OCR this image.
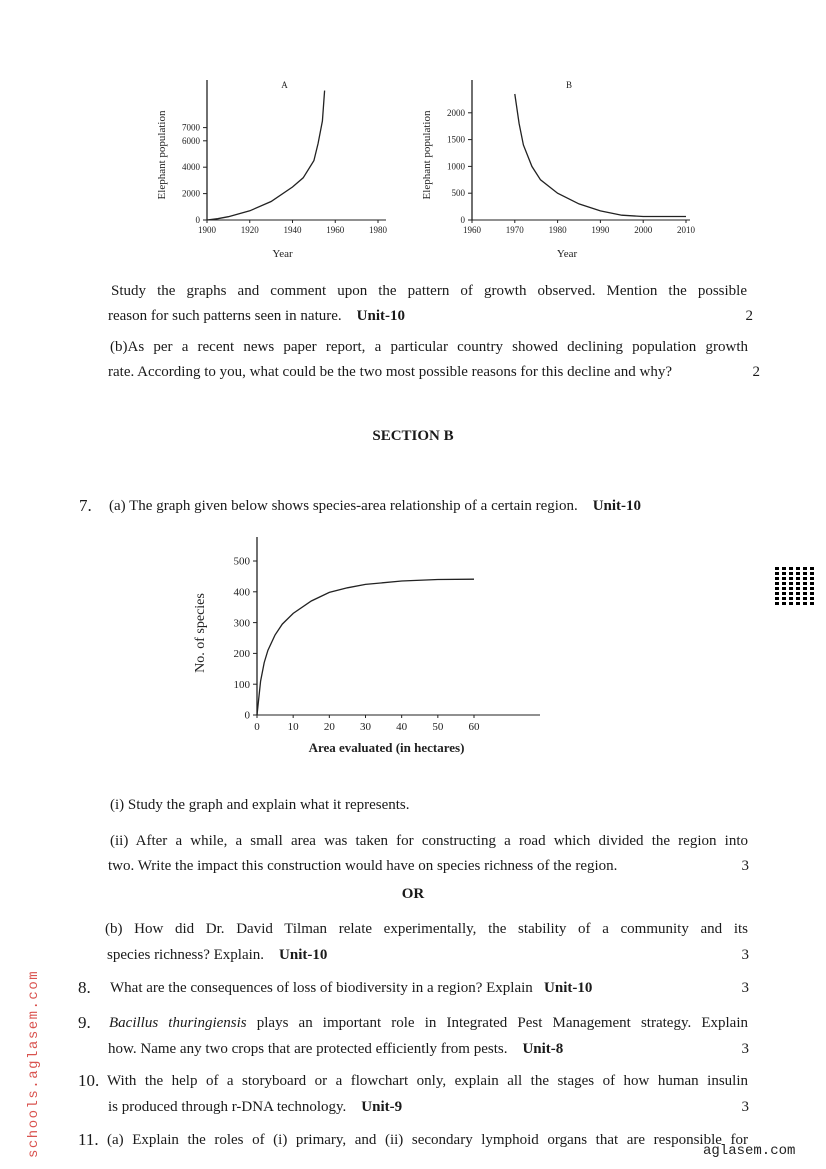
1900	1920	1940	1960	1980
0
2000
4000
6000
7000
A
Year
Elephant population
1960	1970	1980	1990	2000	2010
0
500
1000
1500
2000
B
Year
Elephant population
0	10 20 30 40 50 60
0
100
200
300
400
500
Area evaluated (in hectares)
No. of species
Study the graphs and comment upon the pattern of growth observed. Mention the possible
reason for such patterns seen in nature. Unit-10	2
(b)As per a recent news paper report, a particular country showed declining population growth
rate. According to you, what could be the two most possible reasons for this decline and why?	2
SECTION B
7. (a) The graph given below shows species-area relationship of a certain region. Unit-10
(i) Study the graph and explain what it represents.
(ii) After a while, a small area was taken for constructing a road which divided the region into
two. Write the impact this construction would have on species richness of the region.	3
OR
(b) How did Dr. David Tilman relate experimentally, the stability of a community and its
species richness? Explain. Unit-10	3
8. What are the consequences of loss of biodiversity in a region? Explain Unit-10	3
9. Bacillus thuringiensis plays an important role in Integrated Pest Management strategy. Explain
how. Name any two crops that are protected efficiently from pests. Unit-8	3
10. With the help of a storyboard or a flowchart only, explain all the stages of how human insulin
is produced through r-DNA technology. Unit-9	3
11. (a) Explain the roles of (i) primary, and (ii) secondary lymphoid organs that are responsible for
schools.aglasem.com	aglasem.com
